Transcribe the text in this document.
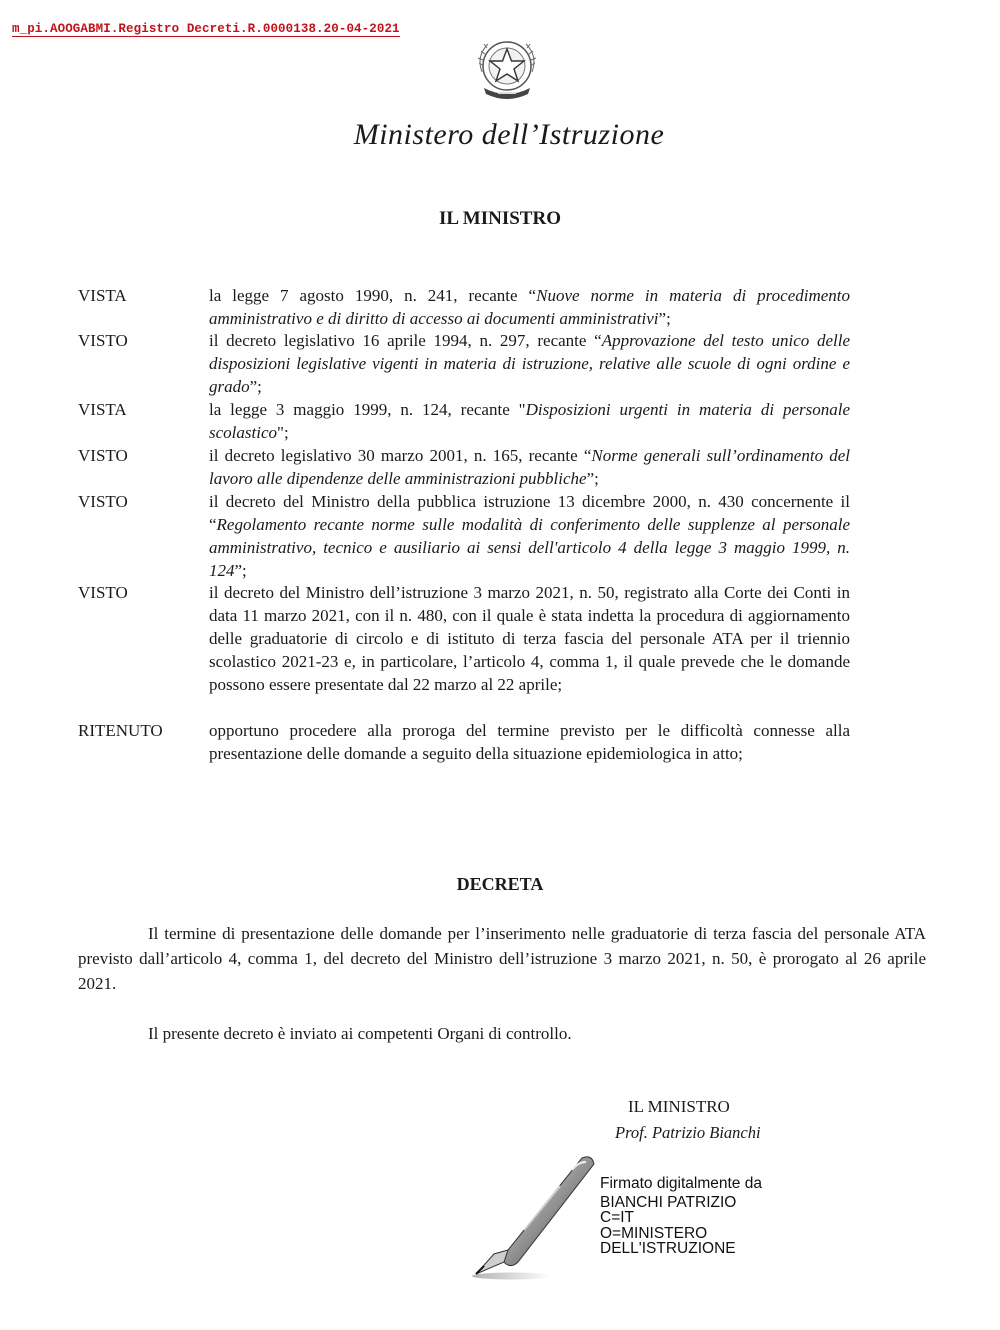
m_pi.AOOGABMI.Registro Decreti.R.0000138.20-04-2021
Ministero dell’Istruzione
IL MINISTRO
VISTA	la legge 7 agosto 1990, n. 241, recante “Nuove norme in materia di procedimento amministrativo e di diritto di accesso ai documenti amministrativi”;
VISTO	il decreto legislativo 16 aprile 1994, n. 297, recante “Approvazione del testo unico delle disposizioni legislative vigenti in materia di istruzione, relative alle scuole di ogni ordine e grado”;
VISTA	la legge 3 maggio 1999, n. 124, recante "Disposizioni urgenti in materia di personale scolastico";
VISTO	il decreto legislativo 30 marzo 2001, n. 165, recante “Norme generali sull’ordinamento del lavoro alle dipendenze delle amministrazioni pubbliche”;
VISTO	il decreto del Ministro della pubblica istruzione 13 dicembre 2000, n. 430 concernente il “Regolamento recante norme sulle modalità di conferimento delle supplenze al personale amministrativo, tecnico e ausiliario ai sensi dell'articolo 4 della legge 3 maggio 1999, n. 124”;
VISTO	il decreto del Ministro dell’istruzione 3 marzo 2021, n. 50, registrato alla Corte dei Conti in data 11 marzo 2021, con il n. 480, con il quale è stata indetta la procedura di aggiornamento delle graduatorie di circolo e di istituto di terza fascia del personale ATA per il triennio scolastico 2021-23 e, in particolare, l’articolo 4, comma 1, il quale prevede che le domande possono essere presentate dal 22 marzo al 22 aprile;
RITENUTO	opportuno procedere alla proroga del termine previsto per le difficoltà connesse alla presentazione delle domande a seguito della situazione epidemiologica in atto;
DECRETA
Il termine di presentazione delle domande per l’inserimento nelle graduatorie di terza fascia del personale ATA previsto dall’articolo 4, comma 1, del decreto del Ministro dell’istruzione 3 marzo 2021, n. 50, è prorogato al 26 aprile 2021.
Il presente decreto è inviato ai competenti Organi di controllo.
IL MINISTRO
Prof. Patrizio Bianchi
Firmato digitalmente da
BIANCHI PATRIZIO
C=IT
O=MINISTERO
DELL'ISTRUZIONE
